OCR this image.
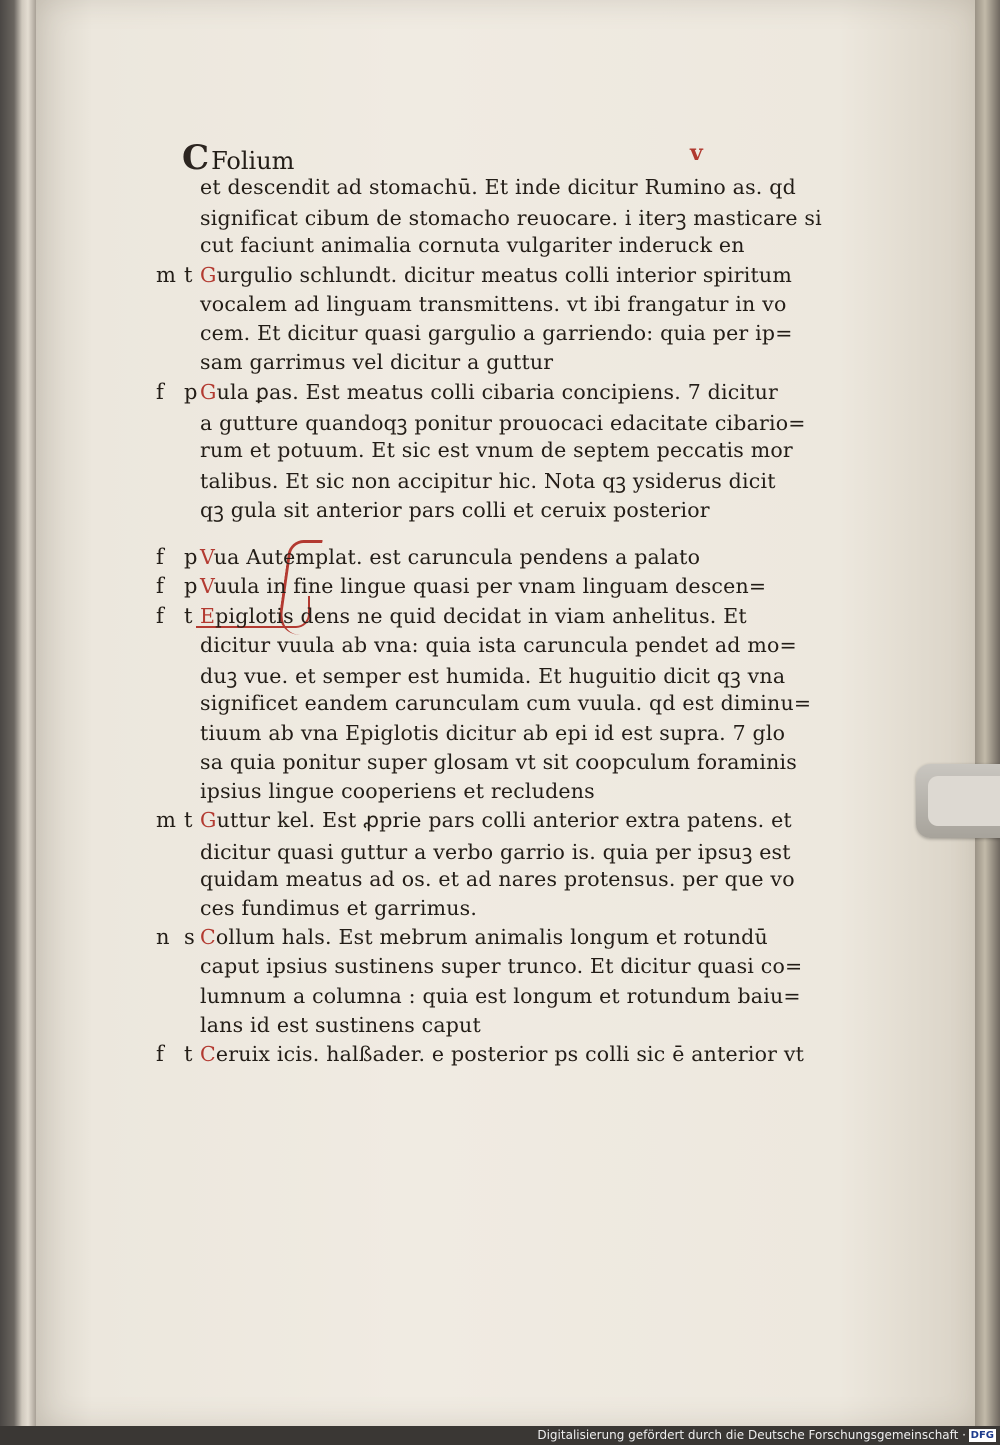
CFolium	v
et descendit ad stomachū. Et inde dicitur Rumino as. qd
significat cibum de stomacho reuocare. i iterꝫ masticare si
cut faciunt animalia cornuta vulgariter inderuck en
Gurgulio schlundt. dicitur meatus colli interior spiritum
vocalem ad linguam transmittens. vt ibi frangatur in vo
cem. Et dicitur quasi gargulio a garriendo: quia per ip=
sam garrimus vel dicitur a guttur
Gula ꝑas. Est meatus colli cibaria concipiens. 7 dicitur
a gutture quandoqꝫ ponitur prouocaci edacitate cibario=
rum et potuum. Et sic est vnum de septem peccatis mor
talibus. Et sic non accipitur hic. Nota qꝫ ysiderus dicit
qꝫ gula sit anterior pars colli et ceruix posterior
Vua Autemplat. est caruncula pendens a palato
Vuula in fine lingue quasi per vnam linguam descen=
Epiglotis dens ne quid decidat in viam anhelitus. Et
dicitur vuula ab vna: quia ista caruncula pendet ad mo=
duꝫ vue. et semper est humida. Et huguitio dicit qꝫ vna
significet eandem carunculam cum vuula. qd est diminu=
tiuum ab vna Epiglotis dicitur ab epi id est supra. 7 glo
sa quia ponitur super glosam vt sit coopculum foraminis
ipsius lingue cooperiens et recludens
Guttur kel. Est ꝓprie pars colli anterior extra patens. et
dicitur quasi guttur a verbo garrio is. quia per ipsuꝫ est
quidam meatus ad os. et ad nares protensus. per que vo
ces fundimus et garrimus.
Collum hals. Est mebrum animalis longum et rotundū
caput ipsius sustinens super trunco. Et dicitur quasi co=
lumnum a columna : quia est longum et rotundum baiu=
lans id est sustinens caput
Ceruix icis. halßader. e posterior ps colli sic ē anterior vt
m t
f p
f p
f p
f t
m t
n s
f t
Digitalisierung gefördert durch die Deutsche Forschungsgemeinschaft · DFG
